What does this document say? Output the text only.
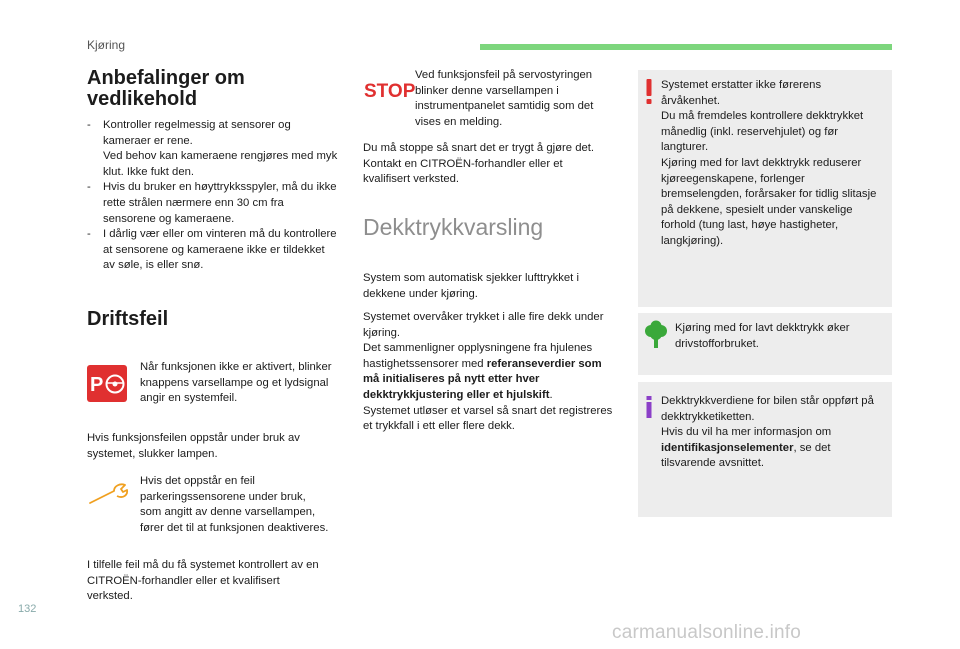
Kjøring
Anbefalinger om vedlikehold
- Kontroller regelmessig at sensorer og kameraer er rene.
Ved behov kan kameraene rengjøres med myk klut. Ikke fukt den.
- Hvis du bruker en høyttrykksspyler, må du ikke rette strålen nærmere enn 30 cm fra sensorene og kameraene.
- I dårlig vær eller om vinteren må du kontrollere at sensorene og kameraene ikke er tildekket av søle, is eller snø.
Driftsfeil
P

Når funksjonen ikke er aktivert, blinker knappens varsellampe og et lydsignal angir en systemfeil.

Hvis funksjonsfeilen oppstår under bruk av systemet, slukker lampen.

Hvis det oppstår en feil parkeringssensorene under bruk, som angitt av denne varsellampen, fører det til at funksjonen deaktiveres.

I tilfelle feil må du få systemet kontrollert av en CITROËN-forhandler eller et kvalifisert verksted.

STOP

Ved funksjonsfeil på servostyringen blinker denne varsellampen i instrumentpanelet samtidig som det vises en melding.

Du må stoppe så snart det er trygt å gjøre det. Kontakt en CITROËN-forhandler eller et kvalifisert verksted.

Dekktrykkvarsling

System som automatisk sjekker lufttrykket i dekkene under kjøring.

Systemet overvåker trykket i alle fire dekk under kjøring.

Det sammenligner opplysningene fra hjulenes hastighetssensorer med referanseverdier som må initialiseres på nytt etter hver dekktrykkjustering eller et hjulskift.

Systemet utløser et varsel så snart det registreres et trykkfall i ett eller flere dekk.

Systemet erstatter ikke førerens årvåkenhet.
Du må fremdeles kontrollere dekktrykket månedlig (inkl. reservehjulet) og før langturer.
Kjøring med for lavt dekktrykk reduserer kjøreegenskapene, forlenger bremselengden, forårsaker for tidlig slitasje på dekkene, spesielt under vanskelige forhold (tung last, høye hastigheter, langkjøring).

Kjøring med for lavt dekktrykk øker drivstofforbruket.

Dekktrykkverdiene for bilen står oppført på dekktrykketiketten.
Hvis du vil ha mer informasjon om identifikasjonselementer, se det tilsvarende avsnittet.
132
carmanualsonline.info
